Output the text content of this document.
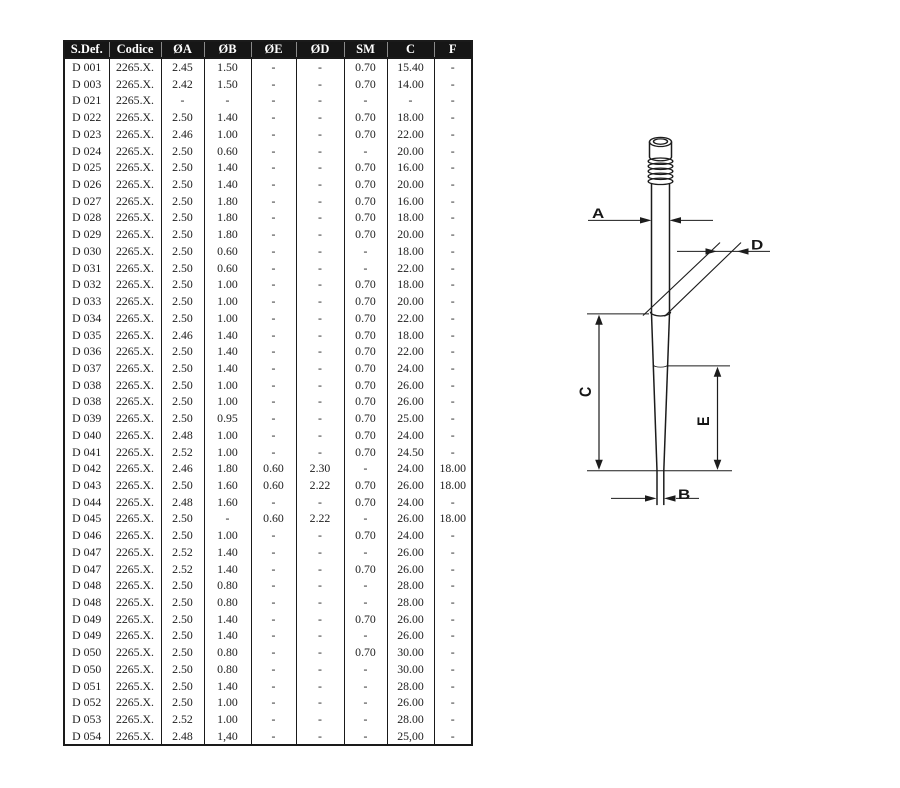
S.Def.	Codice	ØA	ØB	ØE	ØD	SM	C	F
D 001	2265.X.	2.45	1.50	-	-	0.70	15.40	-
D 003	2265.X.	2.42	1.50	-	-	0.70	14.00	-
D 021	2265.X.	-	-	-	-	-	-	-
D 022	2265.X.	2.50	1.40	-	-	0.70	18.00	-
D 023	2265.X.	2.46	1.00	-	-	0.70	22.00	-
D 024	2265.X.	2.50	0.60	-	-	-	20.00	-
D 025	2265.X.	2.50	1.40	-	-	0.70	16.00	-
D 026	2265.X.	2.50	1.40	-	-	0.70	20.00	-
D 027	2265.X.	2.50	1.80	-	-	0.70	16.00	-
D 028	2265.X.	2.50	1.80	-	-	0.70	18.00	-
D 029	2265.X.	2.50	1.80	-	-	0.70	20.00	-
D 030	2265.X.	2.50	0.60	-	-	-	18.00	-
D 031	2265.X.	2.50	0.60	-	-	-	22.00	-
D 032	2265.X.	2.50	1.00	-	-	0.70	18.00	-
D 033	2265.X.	2.50	1.00	-	-	0.70	20.00	-
D 034	2265.X.	2.50	1.00	-	-	0.70	22.00	-
D 035	2265.X.	2.46	1.40	-	-	0.70	18.00	-
D 036	2265.X.	2.50	1.40	-	-	0.70	22.00	-
D 037	2265.X.	2.50	1.40	-	-	0.70	24.00	-
D 038	2265.X.	2.50	1.00	-	-	0.70	26.00	-
D 038	2265.X.	2.50	1.00	-	-	0.70	26.00	-
D 039	2265.X.	2.50	0.95	-	-	0.70	25.00	-
D 040	2265.X.	2.48	1.00	-	-	0.70	24.00	-
D 041	2265.X.	2.52	1.00	-	-	0.70	24.50	-
D 042	2265.X.	2.46	1.80	0.60	2.30	-	24.00	18.00
D 043	2265.X.	2.50	1.60	0.60	2.22	0.70	26.00	18.00
D 044	2265.X.	2.48	1.60	-	-	0.70	24.00	-
D 045	2265.X.	2.50	-	0.60	2.22	-	26.00	18.00
D 046	2265.X.	2.50	1.00	-	-	0.70	24.00	-
D 047	2265.X.	2.52	1.40	-	-	-	26.00	-
D 047	2265.X.	2.52	1.40	-	-	0.70	26.00	-
D 048	2265.X.	2.50	0.80	-	-	-	28.00	-
D 048	2265.X.	2.50	0.80	-	-	-	28.00	-
D 049	2265.X.	2.50	1.40	-	-	0.70	26.00	-
D 049	2265.X.	2.50	1.40	-	-	-	26.00	-
D 050	2265.X.	2.50	0.80	-	-	0.70	30.00	-
D 050	2265.X.	2.50	0.80	-	-	-	30.00	-
D 051	2265.X.	2.50	1.40	-	-	-	28.00	-
D 052	2265.X.	2.50	1.00	-	-	-	26.00	-
D 053	2265.X.	2.52	1.00	-	-	-	28.00	-
D 054	2265.X.	2.48	1,40	-	-	-	25,00	-
A
D
C
E
B
